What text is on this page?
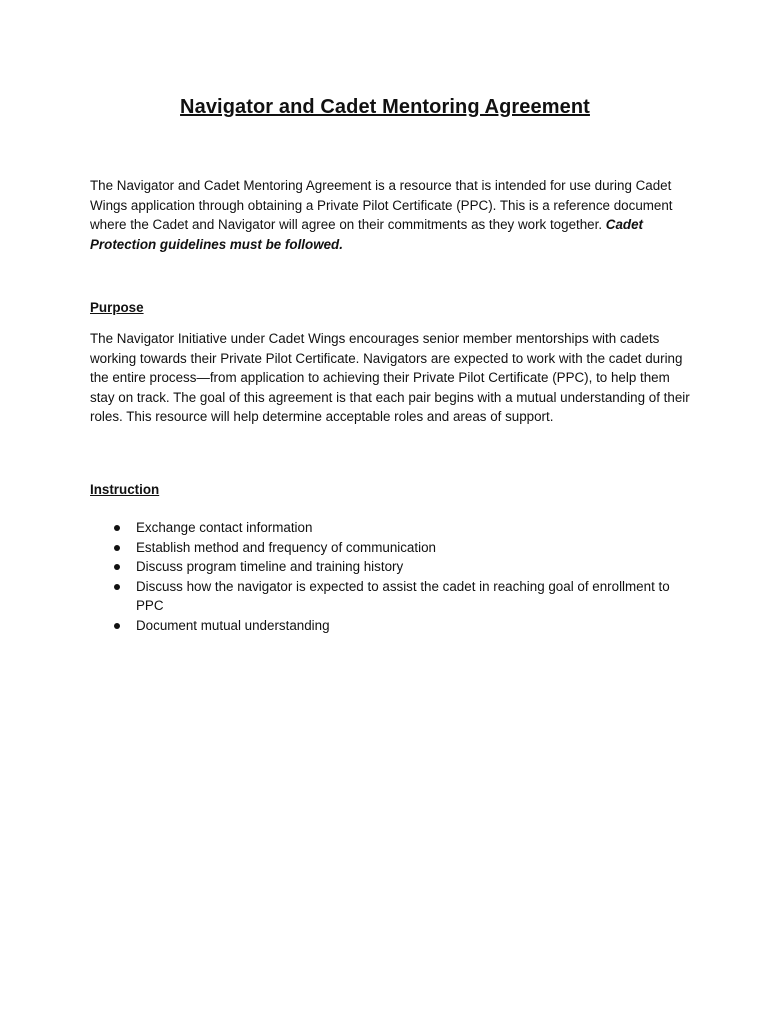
Navigator and Cadet Mentoring Agreement

The Navigator and Cadet Mentoring Agreement is a resource that is intended for use during Cadet Wings application through obtaining a Private Pilot Certificate (PPC). This is a reference document where the Cadet and Navigator will agree on their commitments as they work together. Cadet Protection guidelines must be followed.

Purpose

The Navigator Initiative under Cadet Wings encourages senior member mentorships with cadets working towards their Private Pilot Certificate. Navigators are expected to work with the cadet during the entire process—from application to achieving their Private Pilot Certificate (PPC), to help them stay on track. The goal of this agreement is that each pair begins with a mutual understanding of their roles. This resource will help determine acceptable roles and areas of support.

Instruction

Exchange contact information
Establish method and frequency of communication
Discuss program timeline and training history
Discuss how the navigator is expected to assist the cadet in reaching goal of enrollment to PPC
Document mutual understanding
